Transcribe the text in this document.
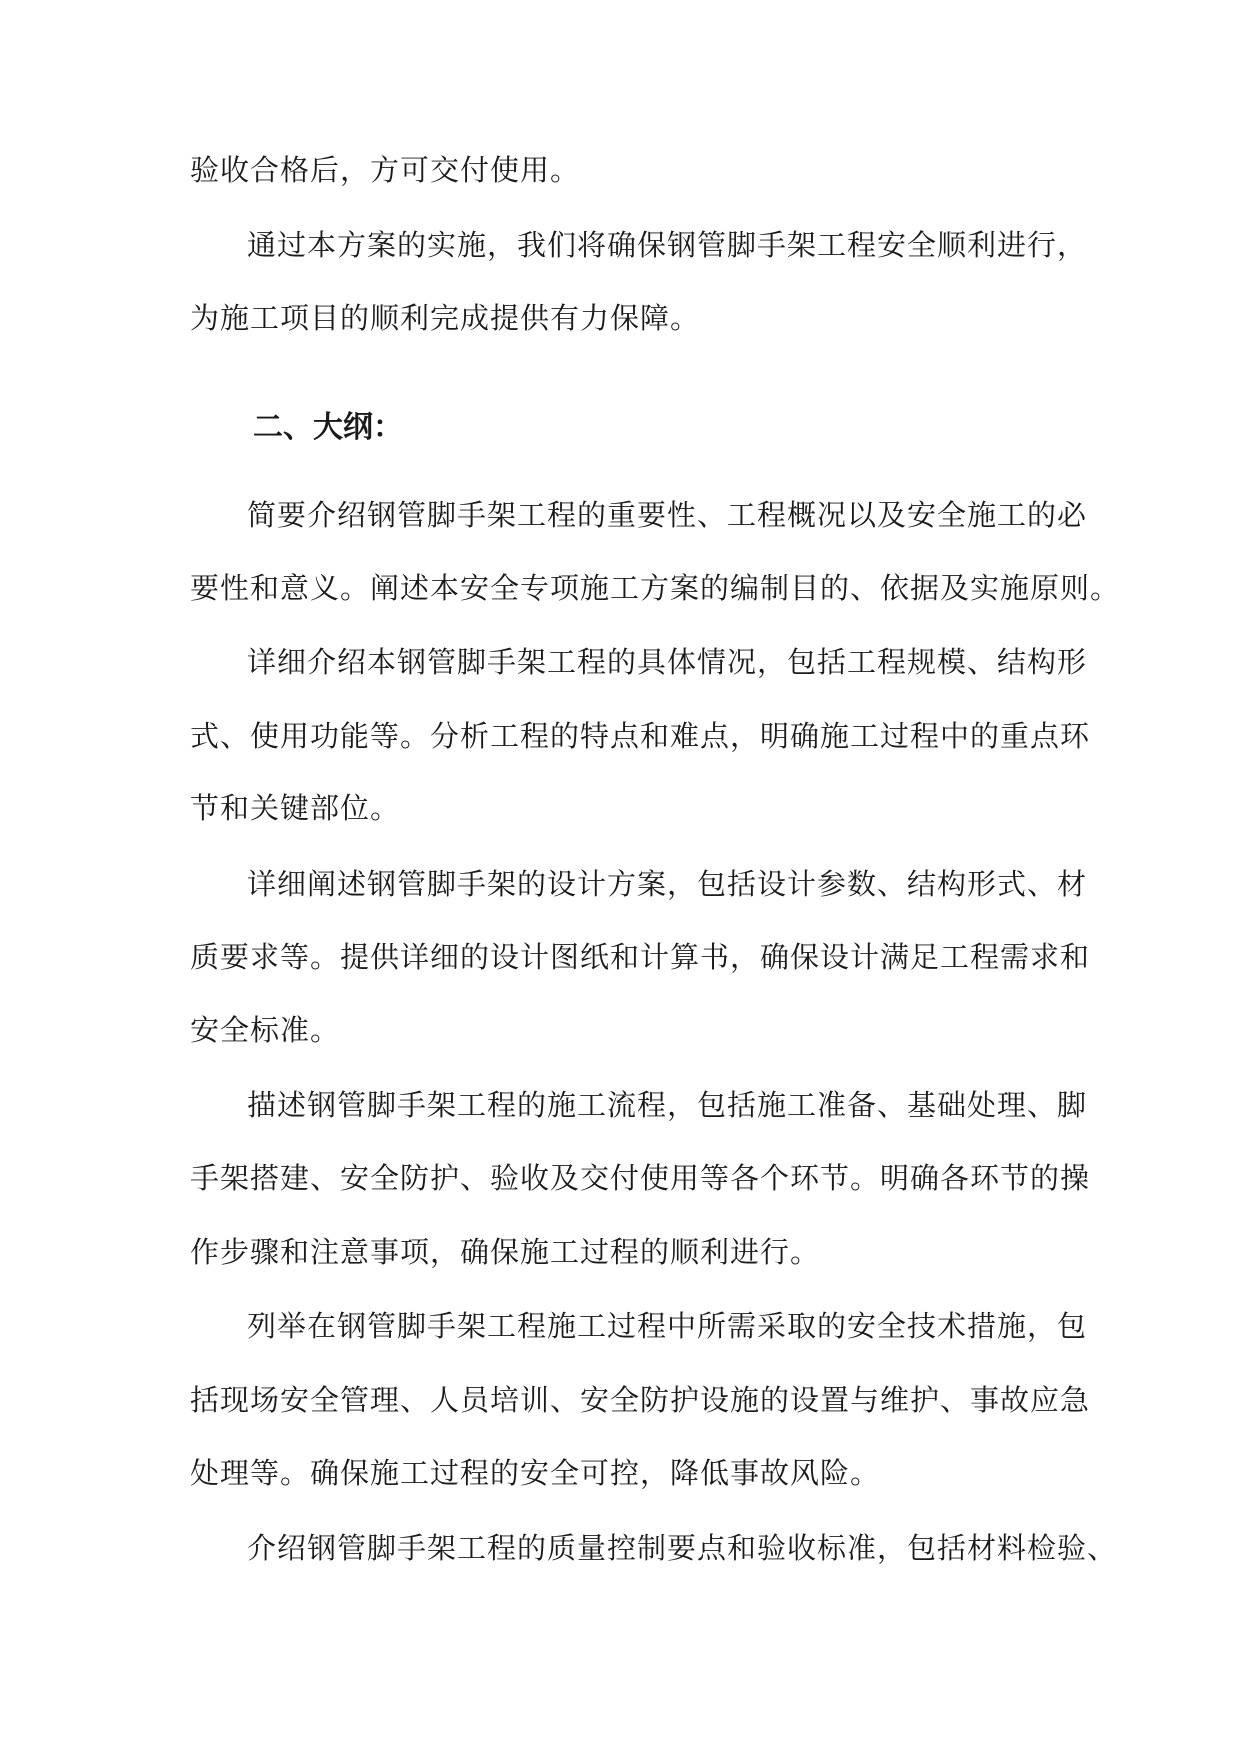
验收合格后，方可交付使用。
通过本方案的实施，我们将确保钢管脚手架工程安全顺利进行，
为施工项目的顺利完成提供有力保障。
二、大纲：
简要介绍钢管脚手架工程的重要性、工程概况以及安全施工的必
要性和意义。阐述本安全专项施工方案的编制目的、依据及实施原则。
详细介绍本钢管脚手架工程的具体情况，包括工程规模、结构形
式、使用功能等。分析工程的特点和难点，明确施工过程中的重点环
节和关键部位。
详细阐述钢管脚手架的设计方案，包括设计参数、结构形式、材
质要求等。提供详细的设计图纸和计算书，确保设计满足工程需求和
安全标准。
描述钢管脚手架工程的施工流程，包括施工准备、基础处理、脚
手架搭建、安全防护、验收及交付使用等各个环节。明确各环节的操
作步骤和注意事项，确保施工过程的顺利进行。
列举在钢管脚手架工程施工过程中所需采取的安全技术措施，包
括现场安全管理、人员培训、安全防护设施的设置与维护、事故应急
处理等。确保施工过程的安全可控，降低事故风险。
介绍钢管脚手架工程的质量控制要点和验收标准，包括材料检验、
